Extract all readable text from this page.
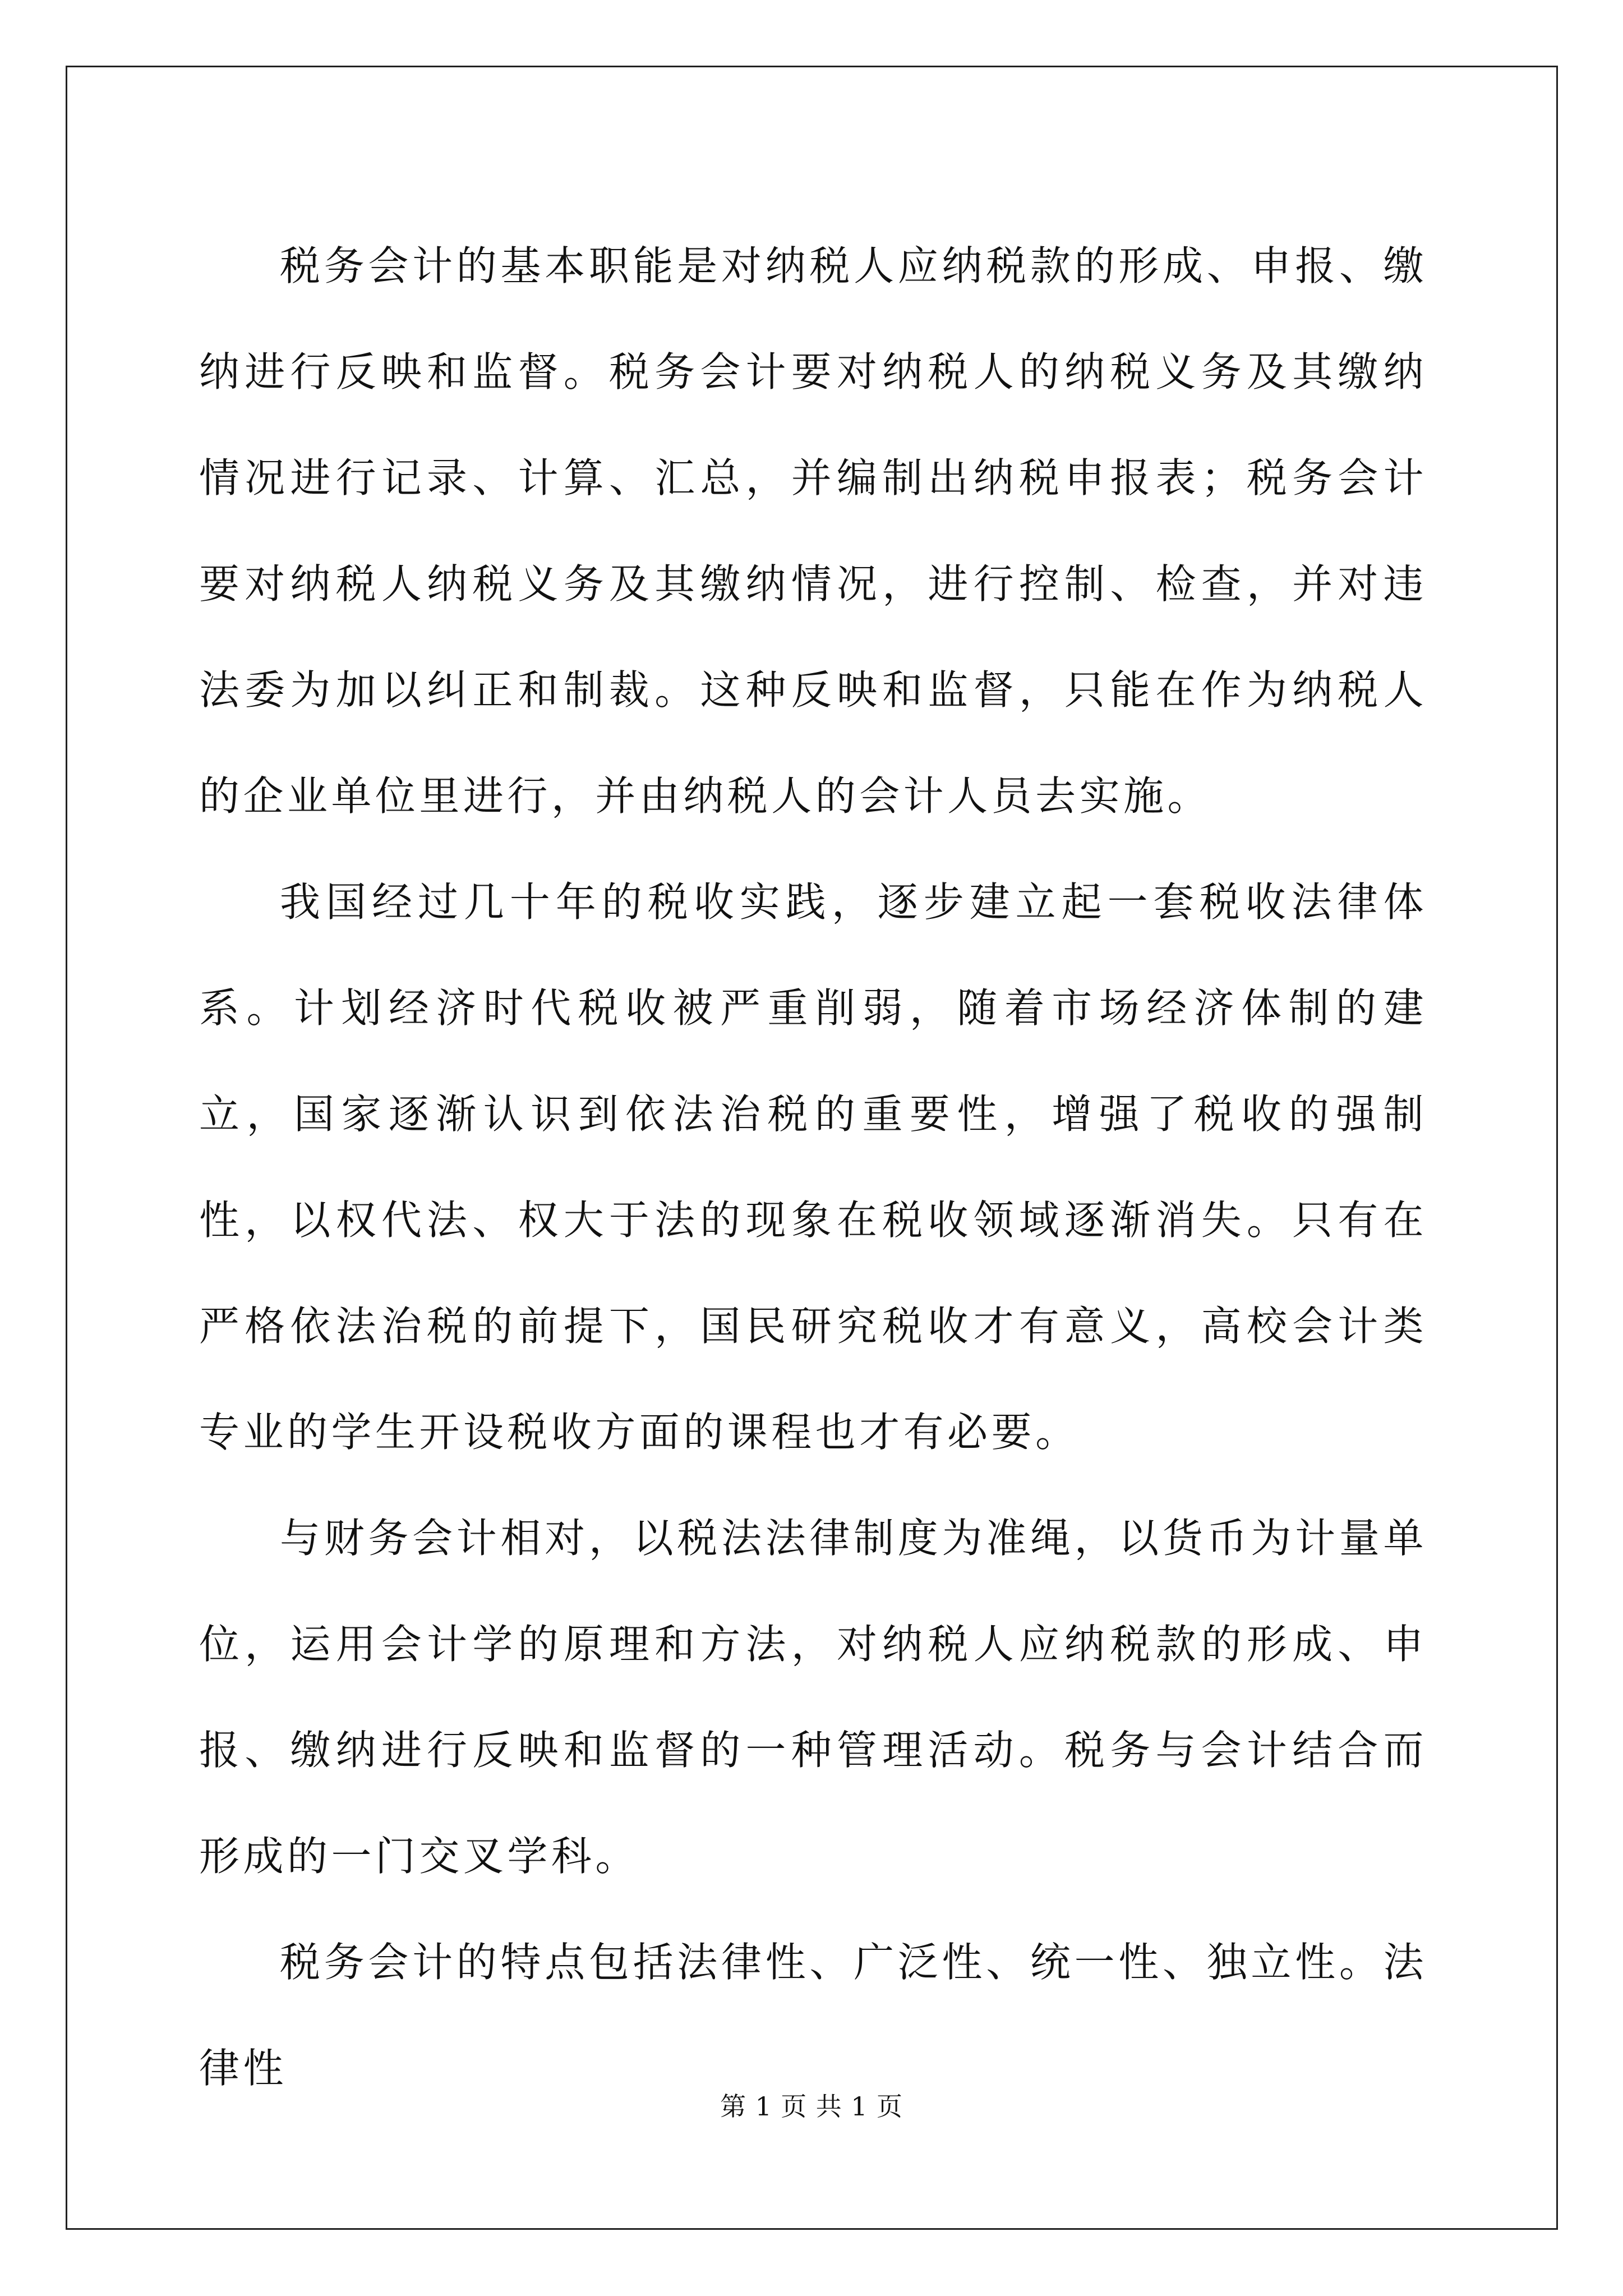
税务会计的基本职能是对纳税人应纳税款的形成、申报、缴纳进行反映和监督。税务会计要对纳税人的纳税义务及其缴纳情况进行记录、计算、汇总，并编制出纳税申报表；税务会计要对纳税人纳税义务及其缴纳情况，进行控制、检查，并对违法委为加以纠正和制裁。这种反映和监督，只能在作为纳税人的企业单位里进行，并由纳税人的会计人员去实施。

我国经过几十年的税收实践，逐步建立起一套税收法律体系。计划经济时代税收被严重削弱，随着市场经济体制的建立，国家逐渐认识到依法治税的重要性，增强了税收的强制性，以权代法、权大于法的现象在税收领域逐渐消失。只有在严格依法治税的前提下，国民研究税收才有意义，高校会计类专业的学生开设税收方面的课程也才有必要。

与财务会计相对，以税法法律制度为准绳，以货币为计量单位，运用会计学的原理和方法，对纳税人应纳税款的形成、申报、缴纳进行反映和监督的一种管理活动。税务与会计结合而形成的一门交叉学科。

税务会计的特点包括法律性、广泛性、统一性、独立性。法律性

第 1 页 共 1 页
